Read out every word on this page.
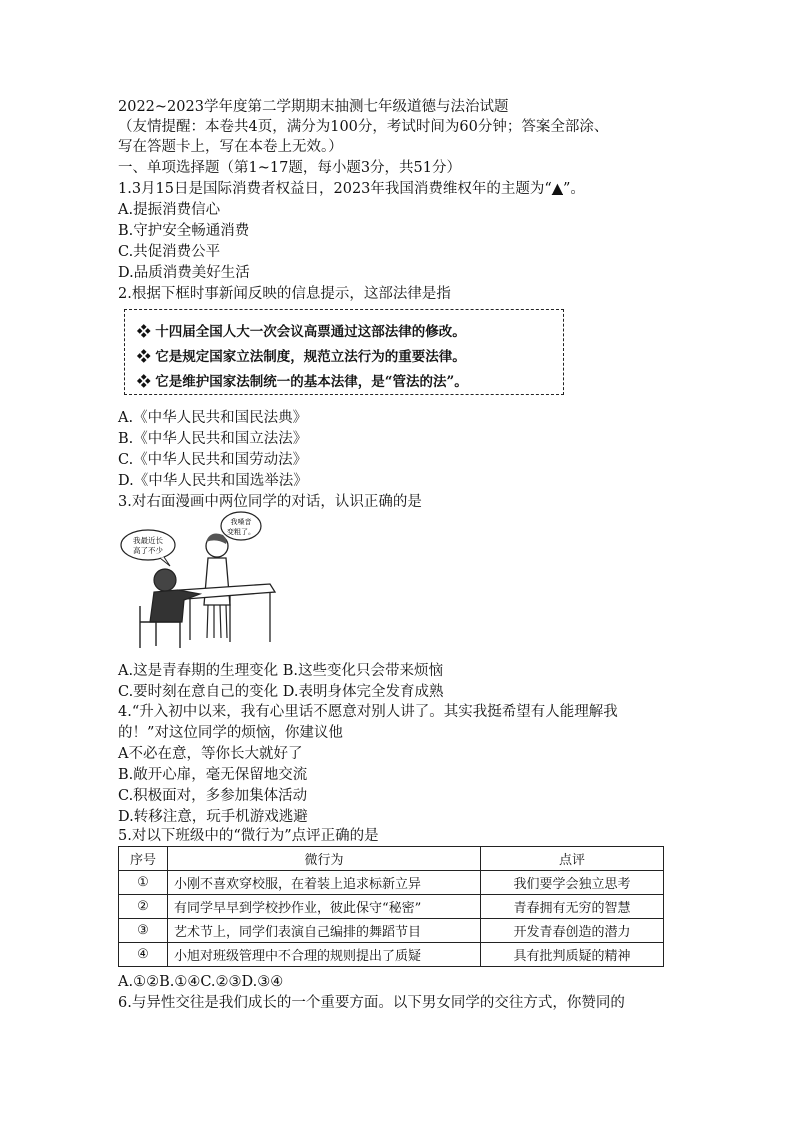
2022~2023学年度第二学期期末抽测七年级道德与法治试题
（友情提醒：本卷共4页，满分为100分，考试时间为60分钟；答案全部涂、
写在答题卡上，写在本卷上无效。）
一、单项选择题（第1~17题，每小题3分，共51分）
1.3月15日是国际消费者权益日，2023年我国消费维权年的主题为“▲”。
A.提振消费信心
B.守护安全畅通消费
C.共促消费公平
D.品质消费美好生活
2.根据下框时事新闻反映的信息提示，这部法律是指
❖ 十四届全国人大一次会议高票通过这部法律的修改。
❖ 它是规定国家立法制度，规范立法行为的重要法律。
❖ 它是维护国家法制统一的基本法律，是“管法的法”。
A.《中华人民共和国民法典》
B.《中华人民共和国立法法》
C.《中华人民共和国劳动法》
D.《中华人民共和国选举法》
3.对右面漫画中两位同学的对话，认识正确的是
我最近长
高了不少
我嗓音
变粗了。
A.这是青春期的生理变化 B.这些变化只会带来烦恼
C.要时刻在意自己的变化 D.表明身体完全发育成熟
4.“升入初中以来，我有心里话不愿意对别人讲了。其实我挺希望有人能理解我
的！”对这位同学的烦恼，你建议他
A不必在意，等你长大就好了
B.敞开心扉，毫无保留地交流
C.积极面对，多参加集体活动
D.转移注意，玩手机游戏逃避
5.对以下班级中的“微行为”点评正确的是
序号	微行为	点评
①	小刚不喜欢穿校服，在着装上追求标新立异	我们要学会独立思考
②	有同学早早到学校抄作业，彼此保守“秘密”	青春拥有无穷的智慧
③	艺术节上，同学们表演自己编排的舞蹈节目	开发青春创造的潜力
④	小旭对班级管理中不合理的规则提出了质疑	具有批判质疑的精神
A.①②B.①④C.②③D.③④
6.与异性交往是我们成长的一个重要方面。以下男女同学的交往方式，你赞同的
